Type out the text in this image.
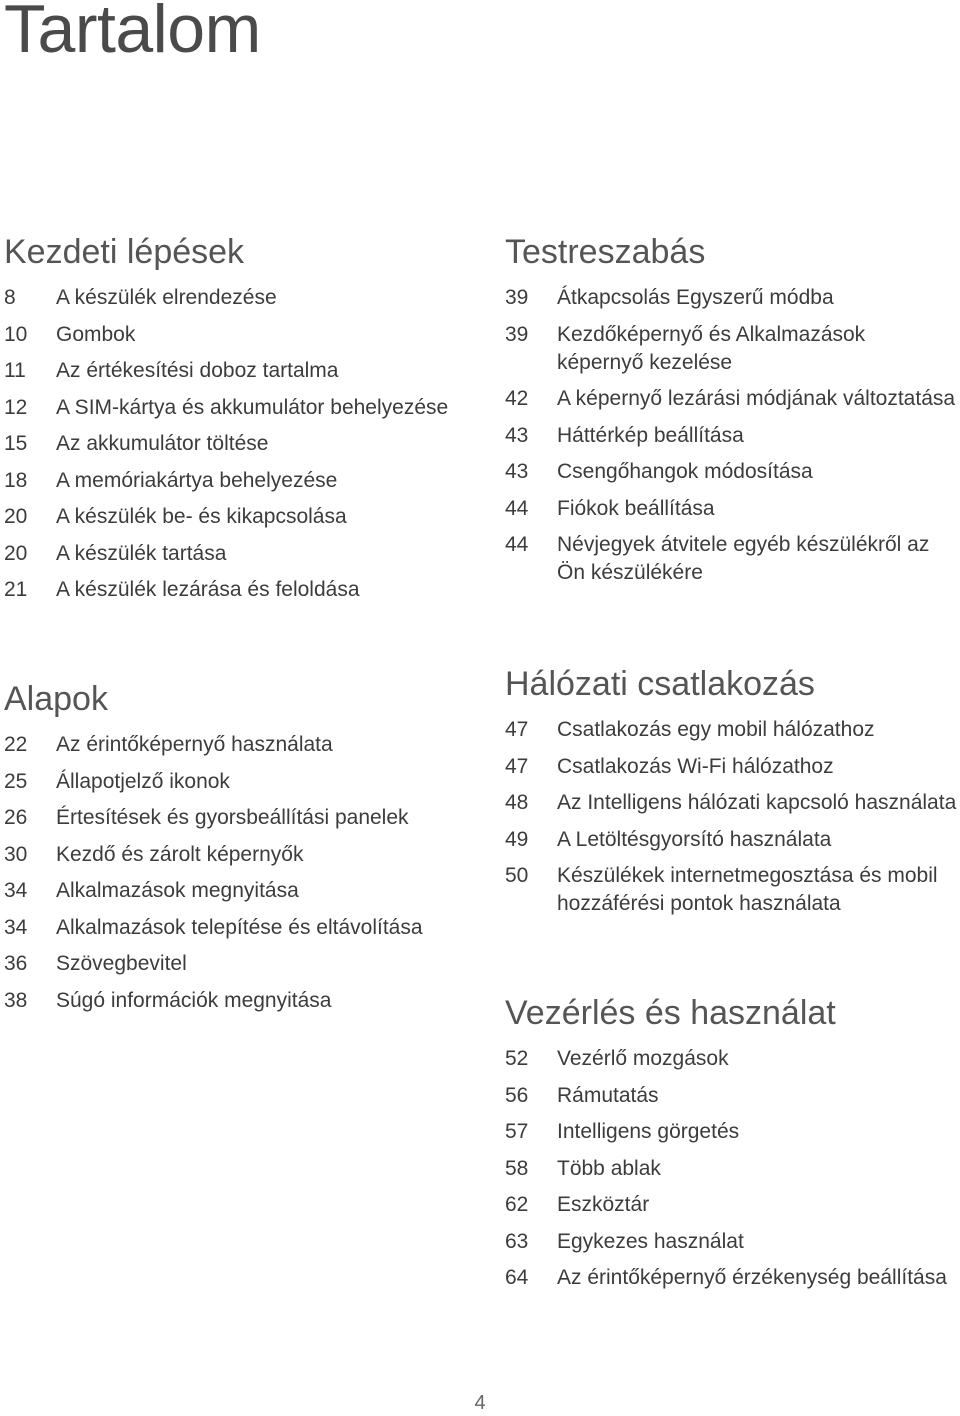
Tartalom
Kezdeti lépések
8	A készülék elrendezése
10	Gombok
11	Az értékesítési doboz tartalma
12	A SIM-kártya és akkumulátor behelyezése
15	Az akkumulátor töltése
18	A memóriakártya behelyezése
20	A készülék be- és kikapcsolása
20	A készülék tartása
21	A készülék lezárása és feloldása
Testreszabás
39	Átkapcsolás Egyszerű módba
39	Kezdőképernyő és Alkalmazások
képernyő kezelése
42	A képernyő lezárási módjának változtatása
43	Háttérkép beállítása
43	Csengőhangok módosítása
44	Fiókok beállítása
44	Névjegyek átvitele egyéb készülékről az
Ön készülékére
Alapok
22	Az érintőképernyő használata
25	Állapotjelző ikonok
26	Értesítések és gyorsbeállítási panelek
30	Kezdő és zárolt képernyők
34	Alkalmazások megnyitása
34	Alkalmazások telepítése és eltávolítása
36	Szövegbevitel
38	Súgó információk megnyitása
Hálózati csatlakozás
47	Csatlakozás egy mobil hálózathoz
47	Csatlakozás Wi-Fi hálózathoz
48	Az Intelligens hálózati kapcsoló használata
49	A Letöltésgyorsító használata
50	Készülékek internetmegosztása és mobil
hozzáférési pontok használata
Vezérlés és használat
52	Vezérlő mozgások
56	Rámutatás
57	Intelligens görgetés
58	Több ablak
62	Eszköztár
63	Egykezes használat
64	Az érintőképernyő érzékenység beállítása
4
